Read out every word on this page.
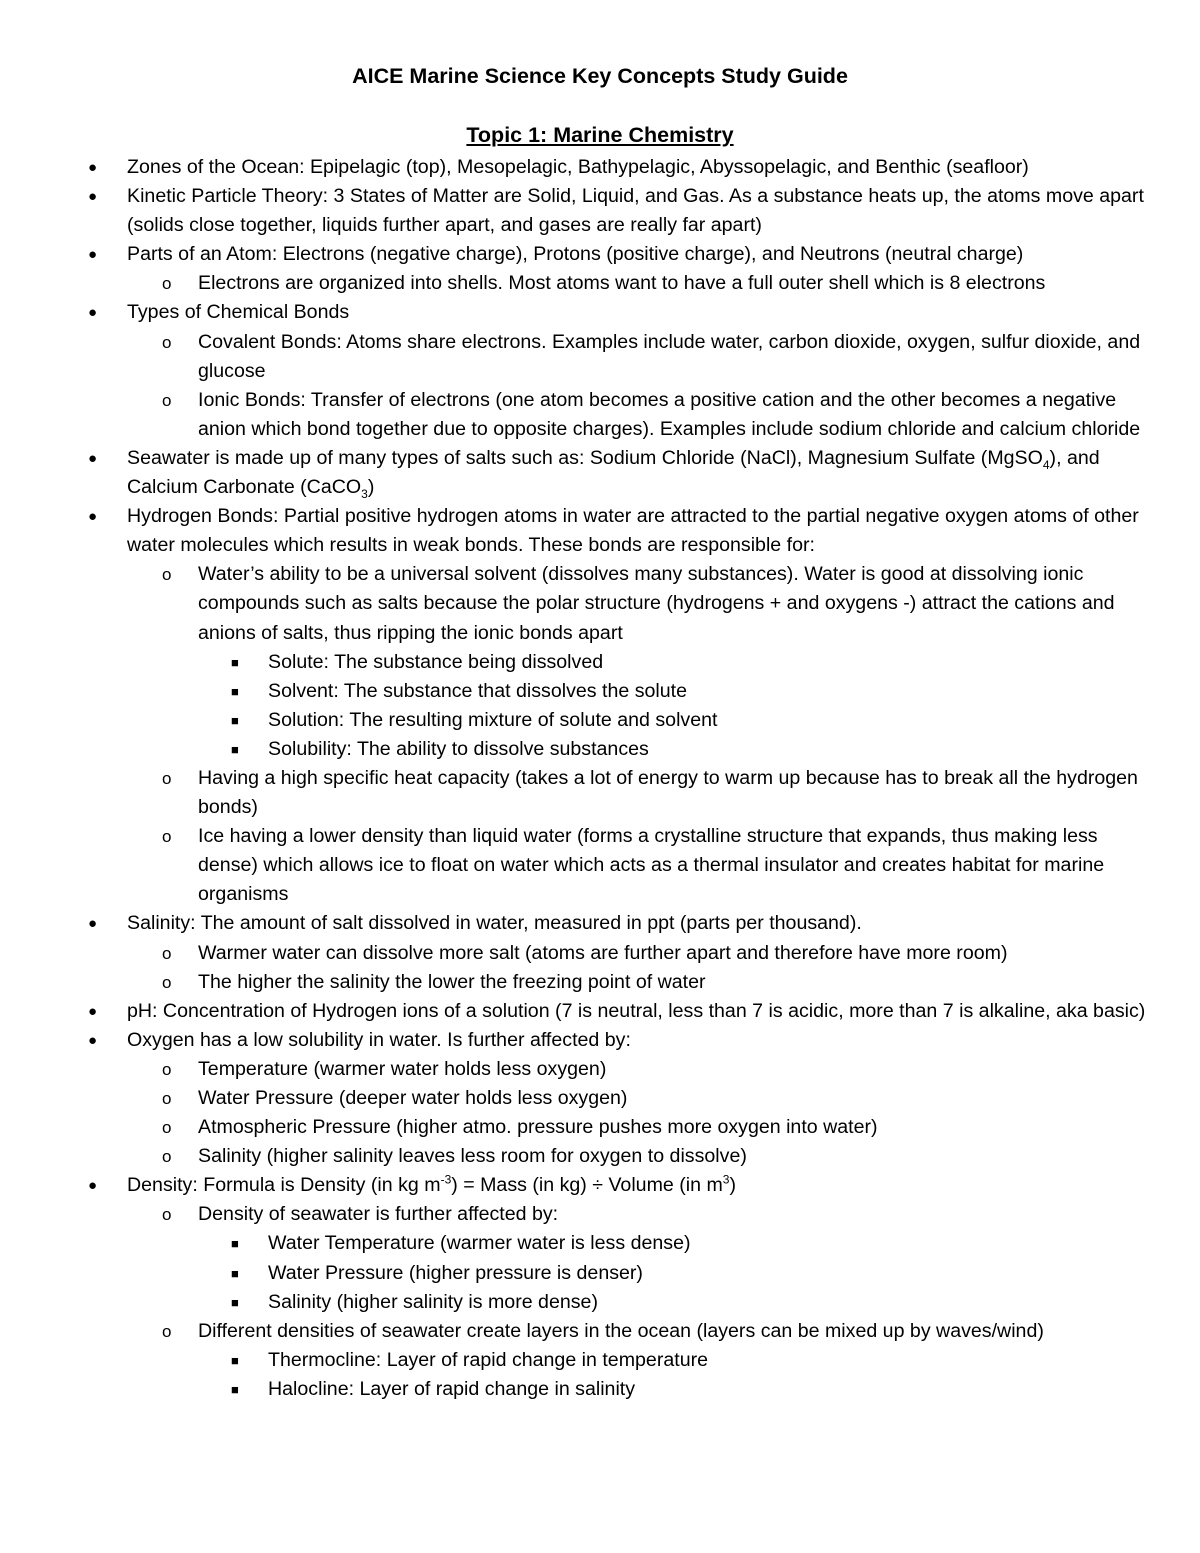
AICE Marine Science Key Concepts Study Guide
Topic 1: Marine Chemistry
● Zones of the Ocean: Epipelagic (top), Mesopelagic, Bathypelagic, Abyssopelagic, and Benthic (seafloor)
● Kinetic Particle Theory: 3 States of Matter are Solid, Liquid, and Gas. As a substance heats up, the atoms move apart (solids close together, liquids further apart, and gases are really far apart)
● Parts of an Atom: Electrons (negative charge), Protons (positive charge), and Neutrons (neutral charge)
o Electrons are organized into shells. Most atoms want to have a full outer shell which is 8 electrons
● Types of Chemical Bonds
o Covalent Bonds: Atoms share electrons. Examples include water, carbon dioxide, oxygen, sulfur dioxide, and glucose
o Ionic Bonds: Transfer of electrons (one atom becomes a positive cation and the other becomes a negative anion which bond together due to opposite charges). Examples include sodium chloride and calcium chloride
● Seawater is made up of many types of salts such as: Sodium Chloride (NaCl), Magnesium Sulfate (MgSO$_4$), and Calcium Carbonate (CaCO$_3$)
● Hydrogen Bonds: Partial positive hydrogen atoms in water are attracted to the partial negative oxygen atoms of other water molecules which results in weak bonds. These bonds are responsible for:
o Water’s ability to be a universal solvent (dissolves many substances). Water is good at dissolving ionic compounds such as salts because the polar structure (hydrogens + and oxygens -) attract the cations and anions of salts, thus ripping the ionic bonds apart
■ Solute: The substance being dissolved
■ Solvent: The substance that dissolves the solute
■ Solution: The resulting mixture of solute and solvent
■ Solubility: The ability to dissolve substances
o Having a high specific heat capacity (takes a lot of energy to warm up because has to break all the hydrogen bonds)
o Ice having a lower density than liquid water (forms a crystalline structure that expands, thus making less dense) which allows ice to float on water which acts as a thermal insulator and creates habitat for marine organisms
● Salinity: The amount of salt dissolved in water, measured in ppt (parts per thousand).
o Warmer water can dissolve more salt (atoms are further apart and therefore have more room)
o The higher the salinity the lower the freezing point of water
● pH: Concentration of Hydrogen ions of a solution (7 is neutral, less than 7 is acidic, more than 7 is alkaline, aka basic)
● Oxygen has a low solubility in water. Is further affected by:
o Temperature (warmer water holds less oxygen)
o Water Pressure (deeper water holds less oxygen)
o Atmospheric Pressure (higher atmo. pressure pushes more oxygen into water)
o Salinity (higher salinity leaves less room for oxygen to dissolve)
● Density: Formula is Density (in kg $m^{-3}$) = Mass (in kg) ÷ Volume (in $m^3$)
o Density of seawater is further affected by:
■ Water Temperature (warmer water is less dense)
■ Water Pressure (higher pressure is denser)
■ Salinity (higher salinity is more dense)
o Different densities of seawater create layers in the ocean (layers can be mixed up by waves/wind)
■ Thermocline: Layer of rapid change in temperature
■ Halocline: Layer of rapid change in salinity
